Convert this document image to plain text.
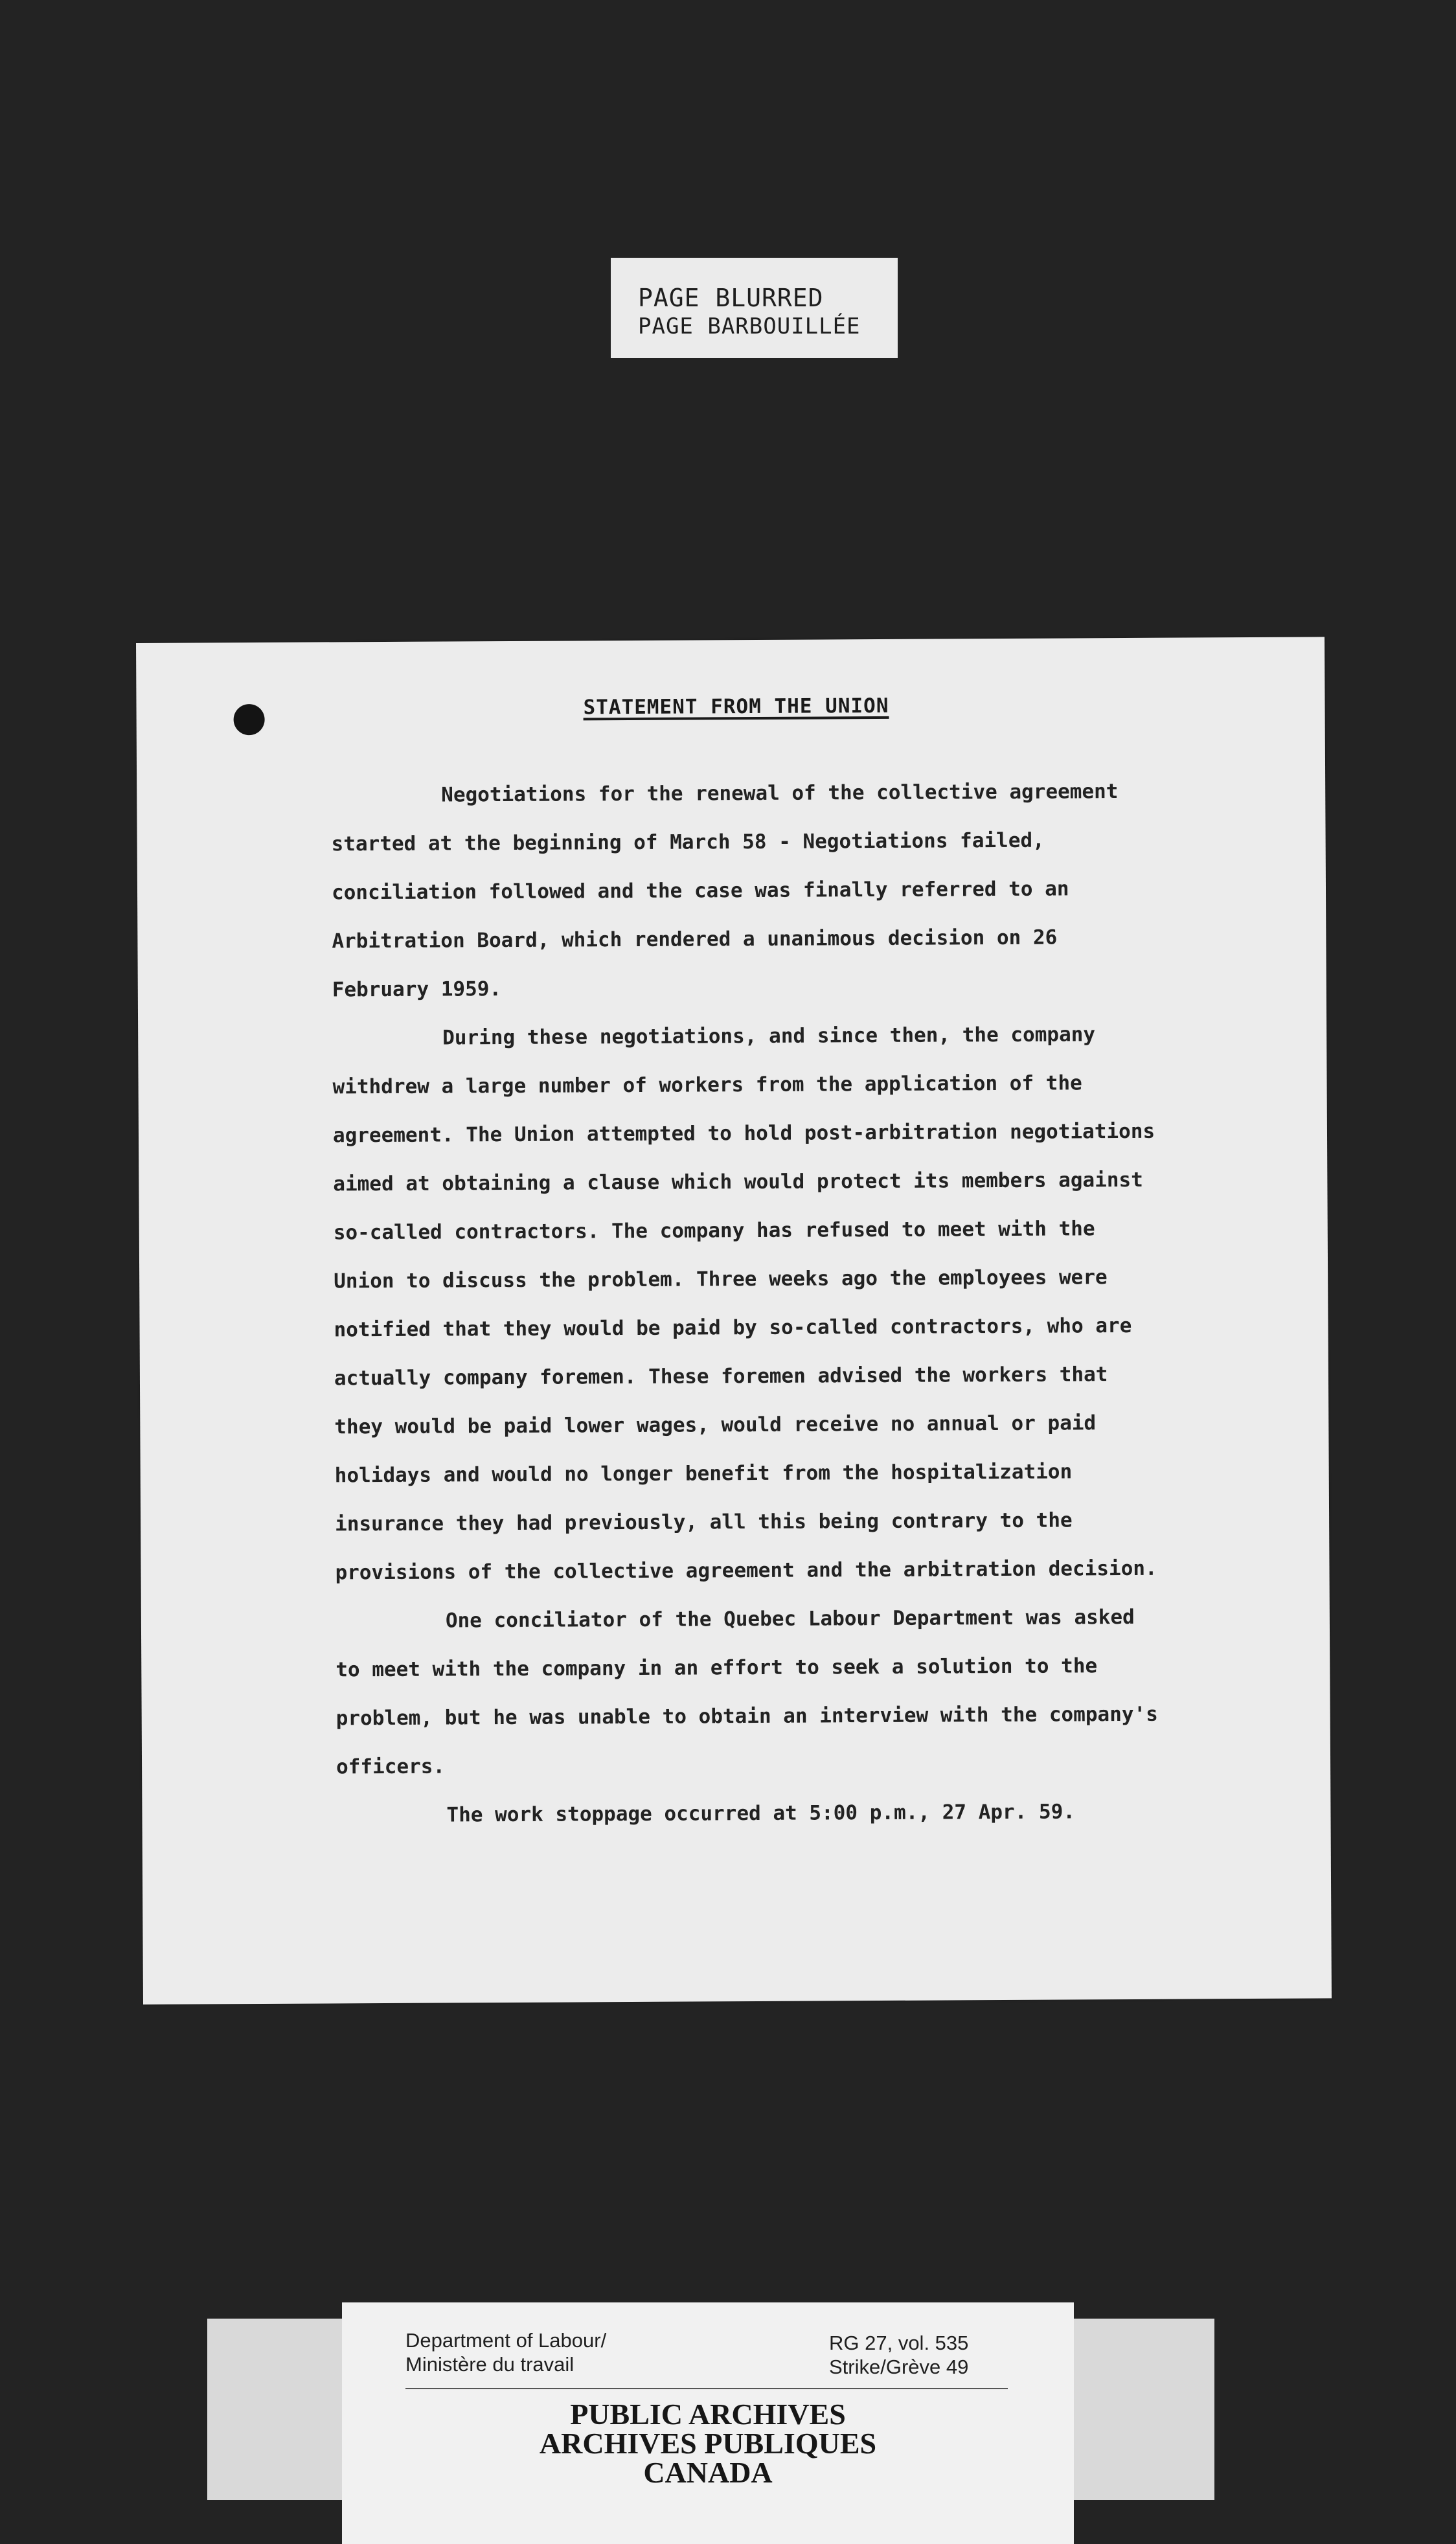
PAGE BLURRED
PAGE BARBOUILLÉE
STATEMENT FROM THE UNION

Negotiations for the renewal of the collective agreement
started at the beginning of March 58 - Negotiations failed,
conciliation followed and the case was finally referred to an
Arbitration Board, which rendered a unanimous decision on 26
February 1959.

During these negotiations, and since then, the company
withdrew a large number of workers from the application of the
agreement. The Union attempted to hold post-arbitration negotiations
aimed at obtaining a clause which would protect its members against
so-called contractors. The company has refused to meet with the
Union to discuss the problem. Three weeks ago the employees were
notified that they would be paid by so-called contractors, who are
actually company foremen. These foremen advised the workers that
they would be paid lower wages, would receive no annual or paid
holidays and would no longer benefit from the hospitalization
insurance they had previously, all this being contrary to the
provisions of the collective agreement and the arbitration decision.

One conciliator of the Quebec Labour Department was asked
to meet with the company in an effort to seek a solution to the
problem, but he was unable to obtain an interview with the company's
officers.

The work stoppage occurred at 5:00 p.m., 27 Apr. 59.

Department of Labour/
Ministère du travail
RG 27, vol. 535
Strike/Grève 49
PUBLIC ARCHIVES
ARCHIVES PUBLIQUES
CANADA
